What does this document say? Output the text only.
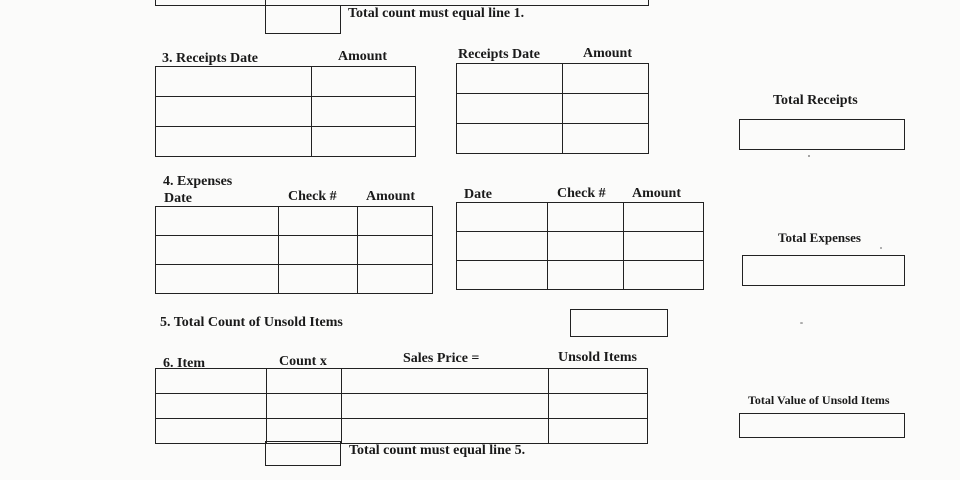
Total count must equal line 1.
3. Receipts Date	Amount

		Receipts Date	Amount

Total Receipts
4. Expenses
Date	Check # Amount

			Date	Check # Amount

Total Expenses
5. Total Count of Unsold Items
6. Item	Count x	Sales Price =	Unsold Items

Total count must equal line 5.
Total Value of Unsold Items
